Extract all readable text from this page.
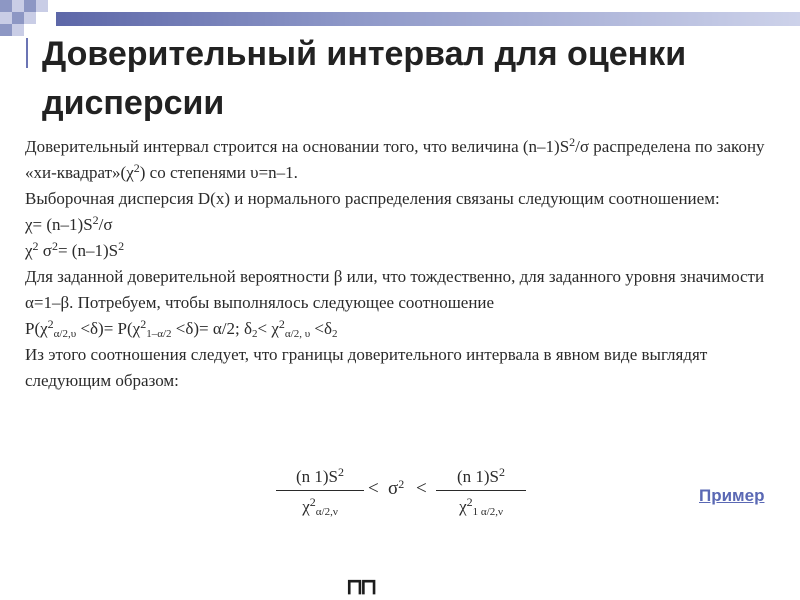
Доверительный интервал для оценки дисперсии

Доверительный интервал строится на основании того, что величина $(n-1)S^2/\sigma$ распределена по закону «$хи-квадрат»(\chi^2)$ со степенями υ=n–1.

Выборочная дисперсия D(x) и нормального распределения связаны следующим соотношением:

$\chi= (n-1)S^2/\sigma$

$\chi^2$ $\sigma^2= (n-1)S^2$

Для заданной доверительной вероятности β или, что тождественно, для заданного уровня значимости α=1–β. Потребуем, чтобы выполнялось следующее соотношение

$P(\chi^2_{\alpha/2,\upsilon} <\delta)= P(\chi^2_{1-\alpha/2} <\delta)= \alpha/2$; $\delta_2< \chi^2_{\alpha/2, \upsilon} <\delta_2$

Из этого соотношения следует, что границы доверительного интервала в явном виде выглядят следующим образом:

$\frac{(n 1)S^2}{\chi^2_{\alpha/2,\nu}} < \sigma^2 < \frac{(n 1)S^2}{\chi^2_{1 \alpha/2,\nu}}$	Пример
⊓⊓
